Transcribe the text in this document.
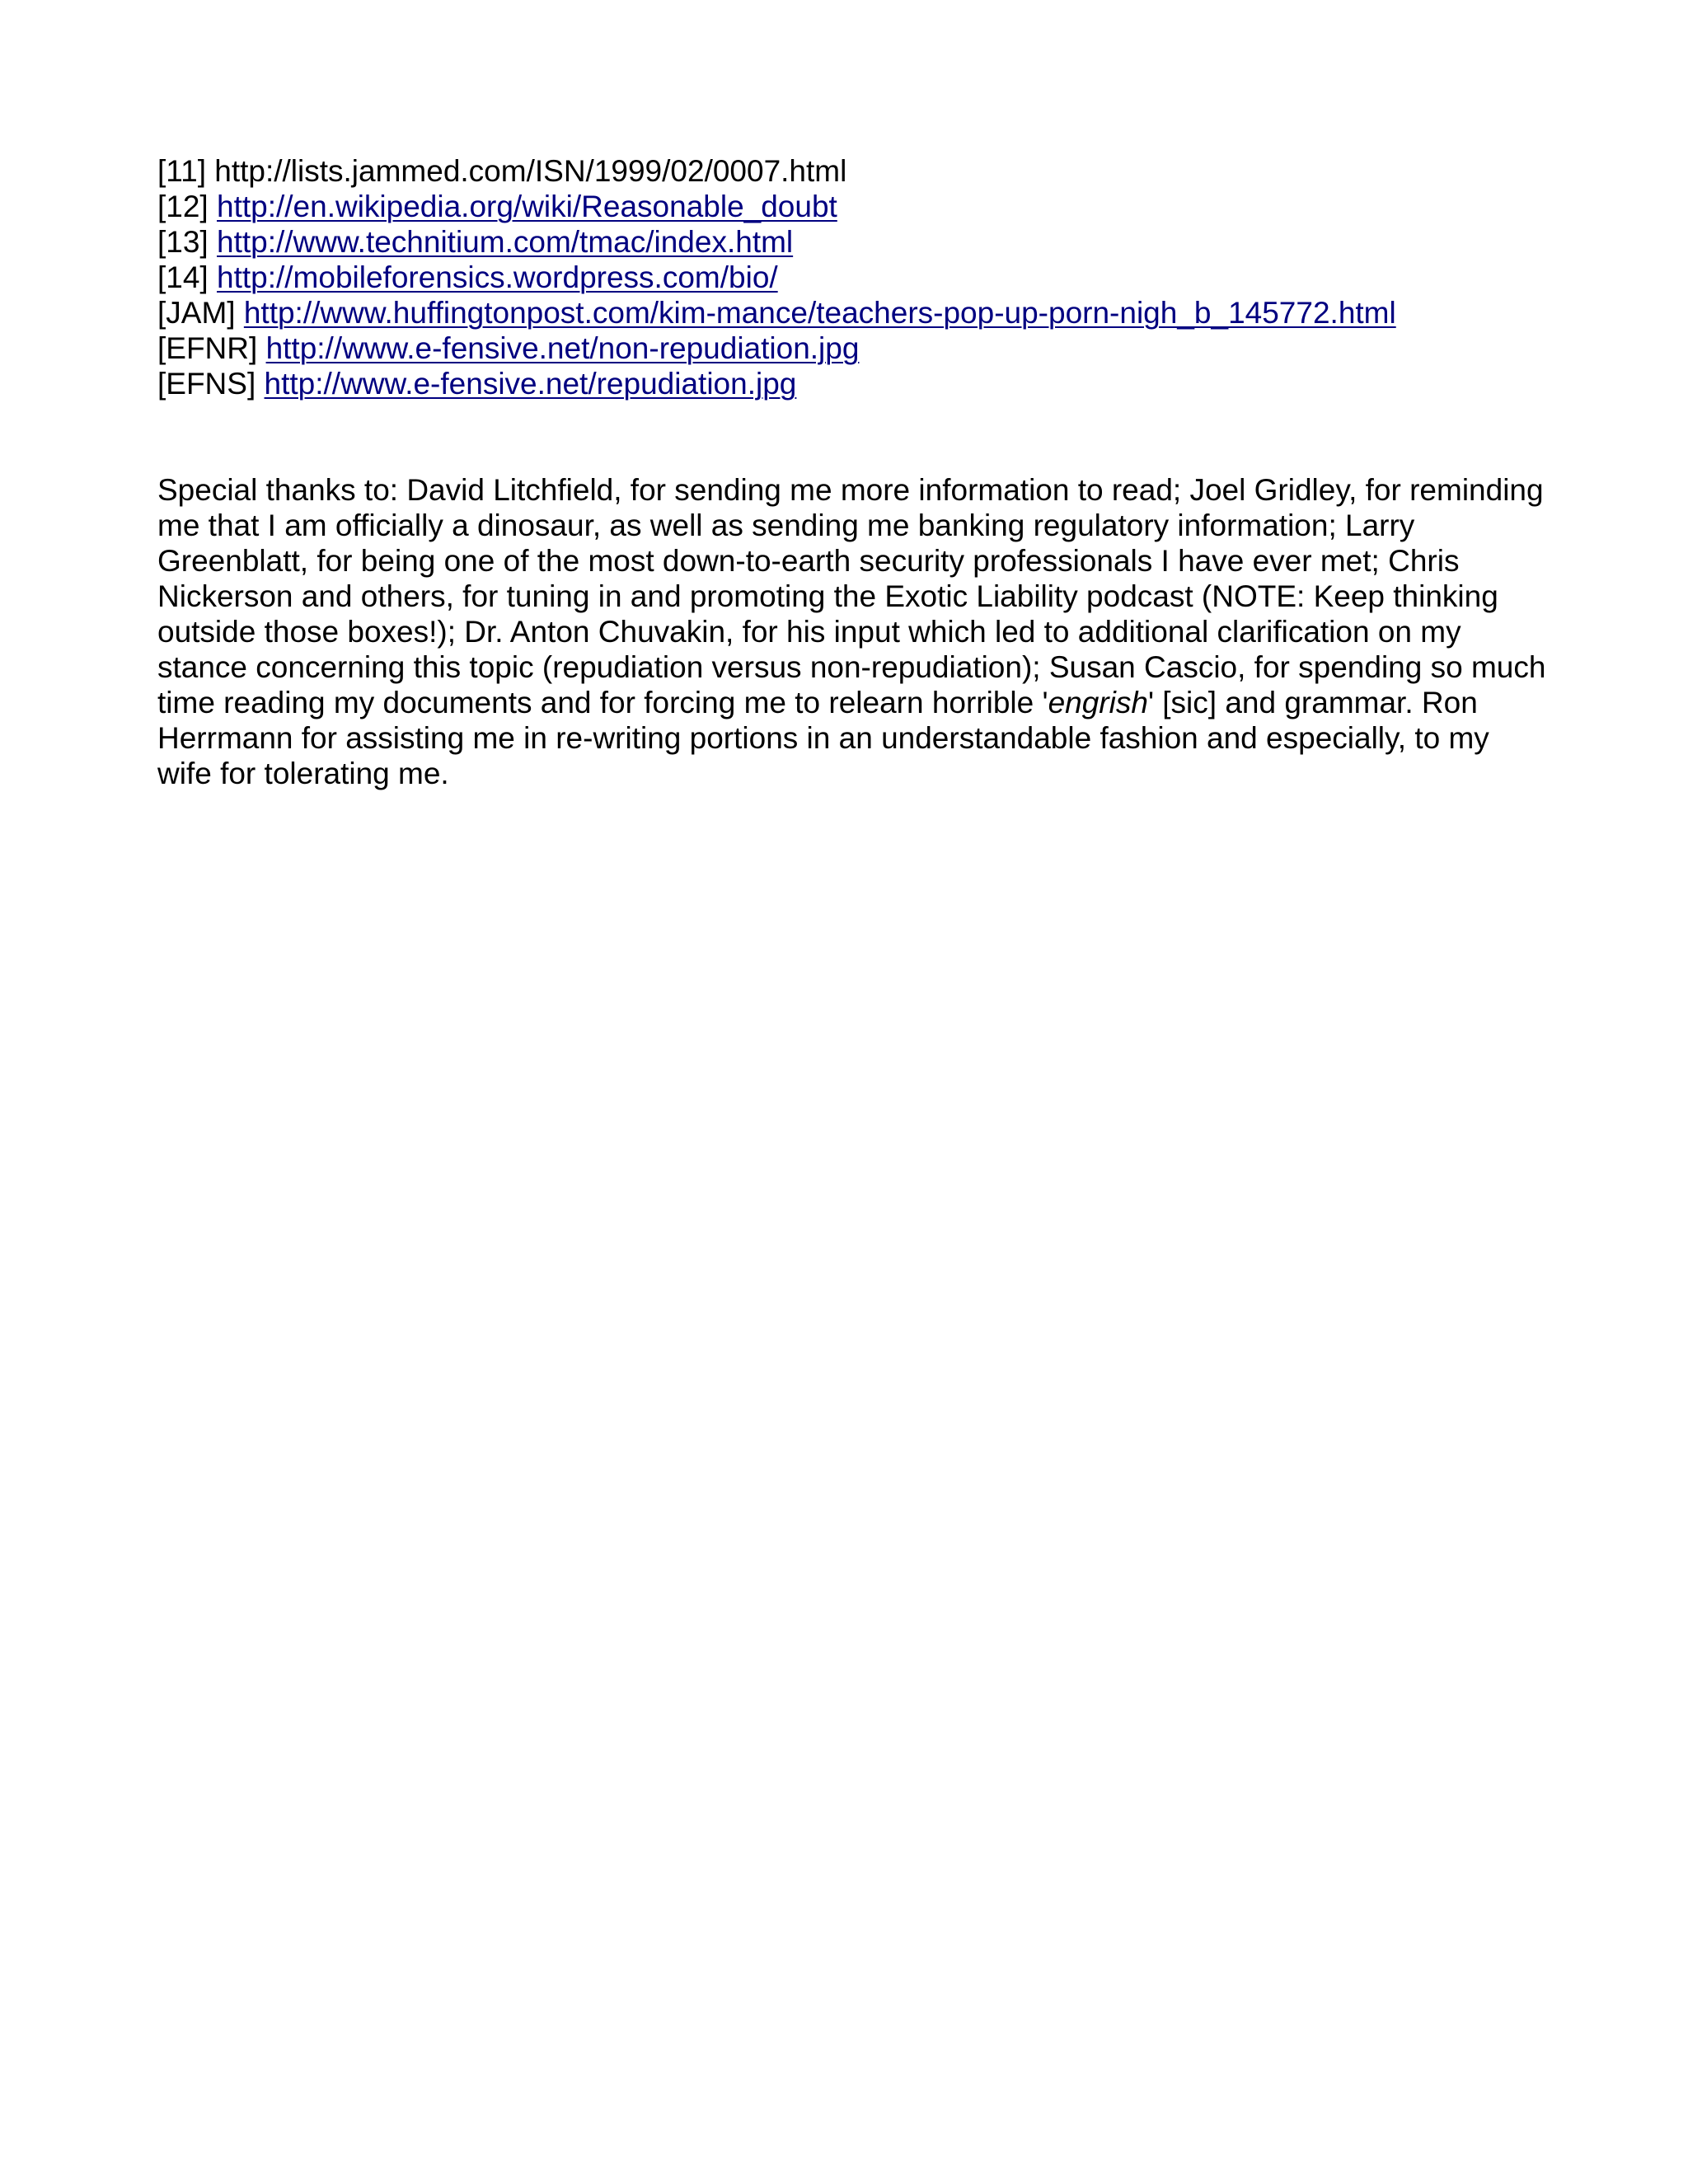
[11] http://lists.jammed.com/ISN/1999/02/0007.html
[12] http://en.wikipedia.org/wiki/Reasonable_doubt
[13] http://www.technitium.com/tmac/index.html
[14] http://mobileforensics.wordpress.com/bio/
[JAM] http://www.huffingtonpost.com/kim-mance/teachers-pop-up-porn-nigh_b_145772.html
[EFNR] http://www.e-fensive.net/non-repudiation.jpg
[EFNS] http://www.e-fensive.net/repudiation.jpg

Special thanks to: David Litchfield, for sending me more information to read; Joel Gridley, for reminding me that I am officially a dinosaur, as well as sending me banking regulatory information; Larry Greenblatt, for being one of the most down-to-earth security professionals I have ever met; Chris Nickerson and others, for tuning in and promoting the Exotic Liability podcast (NOTE: Keep thinking outside those boxes!); Dr. Anton Chuvakin, for his input which led to additional clarification on my stance concerning this topic (repudiation versus non-repudiation); Susan Cascio, for spending so much time reading my documents and for forcing me to relearn horrible 'engrish' [sic] and grammar. Ron Herrmann for assisting me in re-writing portions in an understandable fashion and especially, to my wife for tolerating me.
